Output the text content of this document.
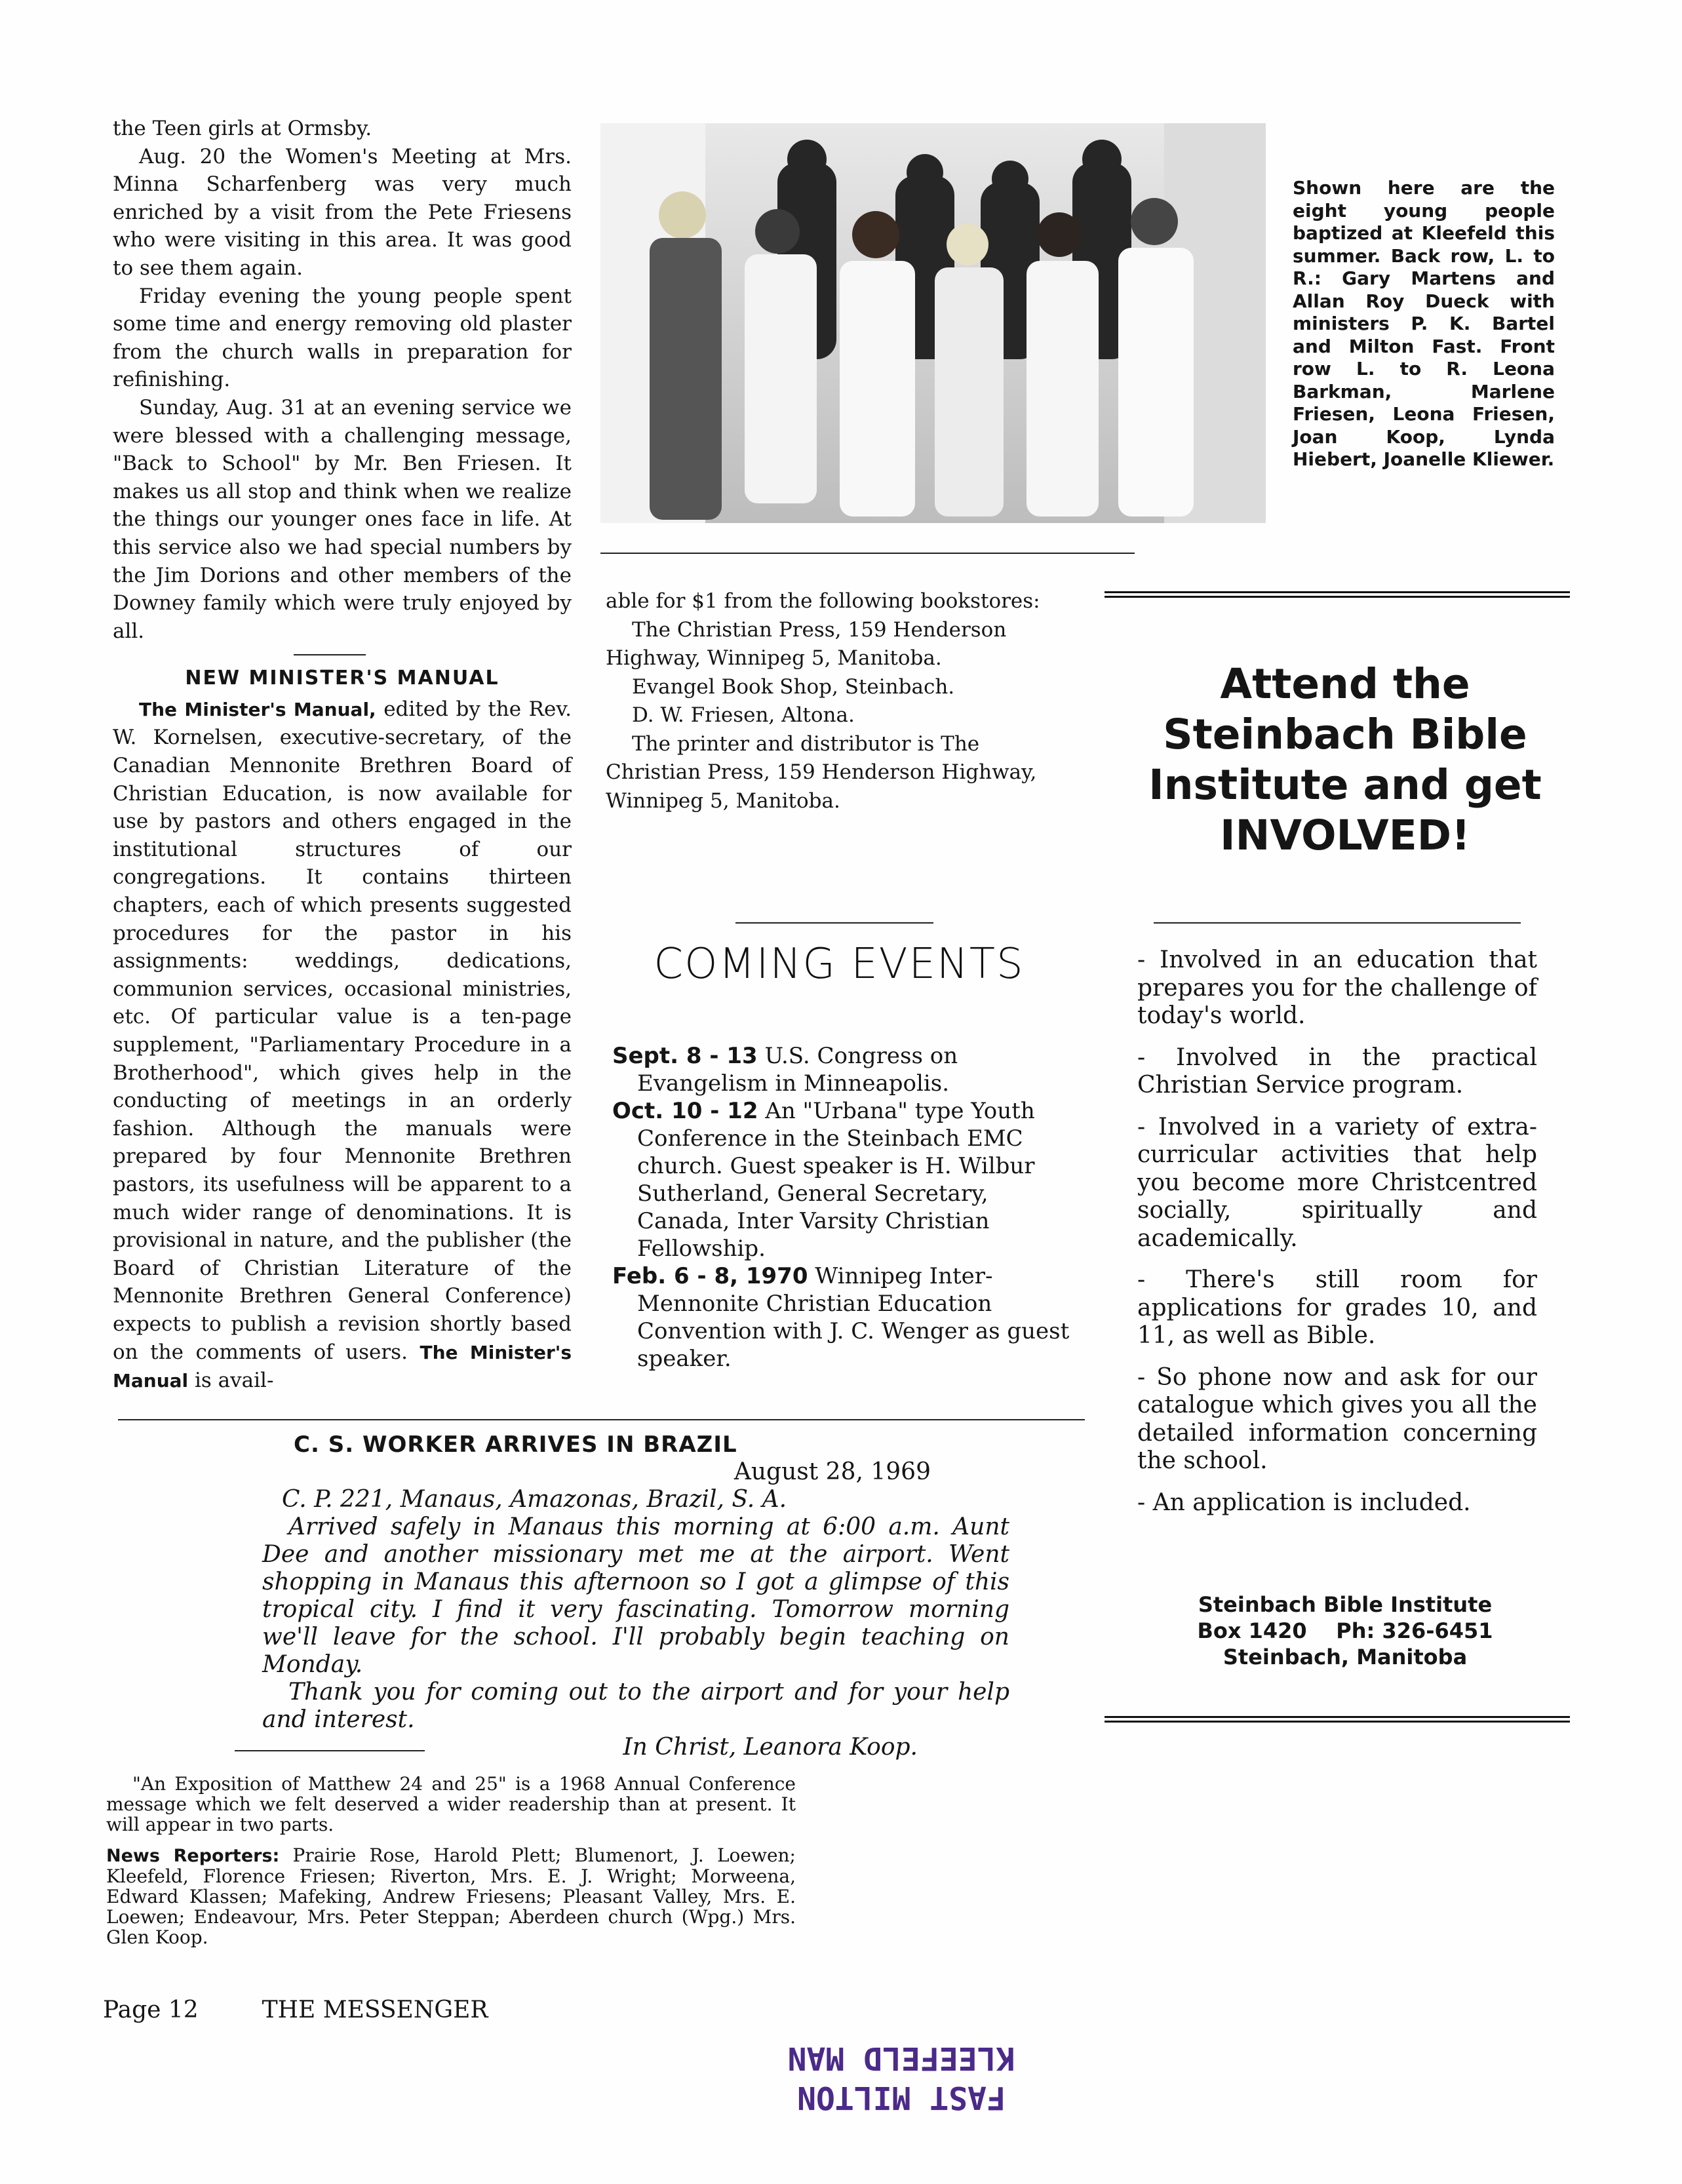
the Teen girls at Ormsby.

Aug. 20 the Women's Meeting at Mrs. Minna Scharfenberg was very much enriched by a visit from the Pete Friesens who were visiting in this area. It was good to see them again.

Friday evening the young people spent some time and energy removing old plaster from the church walls in preparation for refinishing.

Sunday, Aug. 31 at an evening service we were blessed with a challenging message, "Back to School" by Mr. Ben Friesen. It makes us all stop and think when we realize the things our younger ones face in life. At this service also we had special numbers by the Jim Dorions and other members of the Downey family which were truly enjoyed by all.

NEW MINISTER'S MANUAL

The Minister's Manual, edited by the Rev. W. Kornelsen, executive-secretary, of the Canadian Mennonite Brethren Board of Christian Education, is now available for use by pastors and others engaged in the institutional structures of our congregations. It contains thirteen chapters, each of which presents suggested procedures for the pastor in his assignments: weddings, dedications, communion services, occasional ministries, etc. Of particular value is a ten-page supplement, "Parliamentary Procedure in a Brotherhood", which gives help in the conducting of meetings in an orderly fashion. Although the manuals were prepared by four Mennonite Brethren pastors, its usefulness will be apparent to a much wider range of denominations. It is provisional in nature, and the publisher (the Board of Christian Literature of the Mennonite Brethren General Conference) expects to publish a revision shortly based on the comments of users. The Minister's Manual is avail-

Shown here are the eight young people baptized at Kleefeld this summer. Back row, L. to R.: Gary Martens and Allan Roy Dueck with ministers P. K. Bartel and Milton Fast. Front row L. to R. Leona Barkman, Marlene Friesen, Leona Friesen, Joan Koop, Lynda Hiebert, Joanelle Kliewer.

able for $1 from the following bookstores:

The Christian Press, 159 Henderson Highway, Winnipeg 5, Manitoba.

Evangel Book Shop, Steinbach.

D. W. Friesen, Altona.

The printer and distributor is The Christian Press, 159 Henderson Highway, Winnipeg 5, Manitoba.

COMING EVENTS

Sept. 8 - 13 U.S. Congress on Evangelism in Minneapolis.

Oct. 10 - 12 An "Urbana" type Youth Conference in the Steinbach EMC church. Guest speaker is H. Wilbur Sutherland, General Secretary, Canada, Inter Varsity Christian Fellowship.

Feb. 6 - 8, 1970 Winnipeg Inter-Mennonite Christian Education Convention with J. C. Wenger as guest speaker.

Attend the
Steinbach Bible
Institute and get
INVOLVED!

- Involved in an education that prepares you for the challenge of today's world.

- Involved in the practical Christian Service program.

- Involved in a variety of extra-curricular activities that help you become more Christcentred socially, spiritually and academically.

- There's still room for applications for grades 10, and 11, as well as Bible.

- So phone now and ask for our catalogue which gives you all the detailed information concerning the school.

- An application is included.

Steinbach Bible Institute
Box 1420    Ph: 326-6451
Steinbach, Manitoba
C. S. WORKER ARRIVES IN BRAZIL
August 28, 1969
C. P. 221, Manaus, Amazonas, Brazil, S. A.

Arrived safely in Manaus this morning at 6:00 a.m. Aunt Dee and another missionary met me at the airport. Went shopping in Manaus this afternoon so I got a glimpse of this tropical city. I find it very fascinating. Tomorrow morning we'll leave for the school. I'll probably begin teaching on Monday.

Thank you for coming out to the airport and for your help and interest.

In Christ, Leanora Koop.

"An Exposition of Matthew 24 and 25" is a 1968 Annual Conference message which we felt deserved a wider readership than at present. It will appear in two parts.

News Reporters: Prairie Rose, Harold Plett; Blumenort, J. Loewen; Kleefeld, Florence Friesen; Riverton, Mrs. E. J. Wright; Morweena, Edward Klassen; Mafeking, Andrew Friesens; Pleasant Valley, Mrs. E. Loewen; Endeavour, Mrs. Peter Steppan; Aberdeen church (Wpg.) Mrs. Glen Koop.

Page 12	THE MESSENGER
KLEEFELD MAN
FAST MILTON
